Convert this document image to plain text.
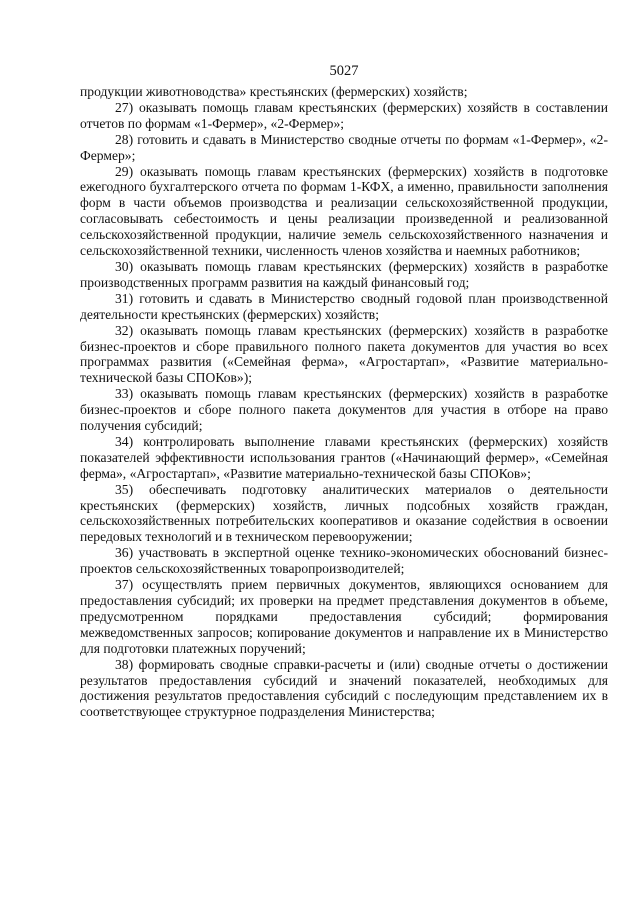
5027

продукции животноводства» крестьянских (фермерских) хозяйств;

27) оказывать помощь главам крестьянских (фермерских) хозяйств в составлении отчетов по формам «1-Фермер», «2-Фермер»;

28) готовить и сдавать в Министерство сводные отчеты по формам «1-Фермер», «2-Фермер»;

29) оказывать помощь главам крестьянских (фермерских) хозяйств в подготовке ежегодного бухгалтерского отчета по формам 1-КФХ, а именно, правильности заполнения форм в части объемов производства и реализации сельскохозяйственной продукции, согласовывать себестоимость и цены реализации произведенной и реализованной сельскохозяйственной продукции, наличие земель сельскохозяйственного назначения и сельскохозяйственной техники, численность членов хозяйства и наемных работников;

30) оказывать помощь главам крестьянских (фермерских) хозяйств в разработке производственных программ развития на каждый финансовый год;

31) готовить и сдавать в Министерство сводный годовой план производственной деятельности крестьянских (фермерских) хозяйств;

32) оказывать помощь главам крестьянских (фермерских) хозяйств в разработке бизнес-проектов и сборе правильного полного пакета документов для участия во всех программах развития («Семейная ферма», «Агростартап», «Развитие материально-технической базы СПОКов»);

33) оказывать помощь главам крестьянских (фермерских) хозяйств в разработке бизнес-проектов и сборе полного пакета документов для участия в отборе на право получения субсидий;

34) контролировать выполнение главами крестьянских (фермерских) хозяйств показателей эффективности использования грантов («Начинающий фермер», «Семейная ферма», «Агростартап», «Развитие материально-технической базы СПОКов»;

35) обеспечивать подготовку аналитических материалов о деятельности крестьянских (фермерских) хозяйств, личных подсобных хозяйств граждан, сельскохозяйственных потребительских кооперативов и оказание содействия в освоении передовых технологий и в техническом перевооружении;

36) участвовать в экспертной оценке технико-экономических обоснований бизнес-проектов сельскохозяйственных товаропроизводителей;

37) осуществлять прием первичных документов, являющихся основанием для предоставления субсидий; их проверки на предмет представления документов в объеме, предусмотренном порядками предоставления субсидий; формирования межведомственных запросов; копирование документов и направление их в Министерство для подготовки платежных поручений;

38) формировать сводные справки-расчеты и (или) сводные отчеты о достижении результатов предоставления субсидий и значений показателей, необходимых для достижения результатов предоставления субсидий с последующим представлением их в соответствующее структурное подразделения Министерства;
